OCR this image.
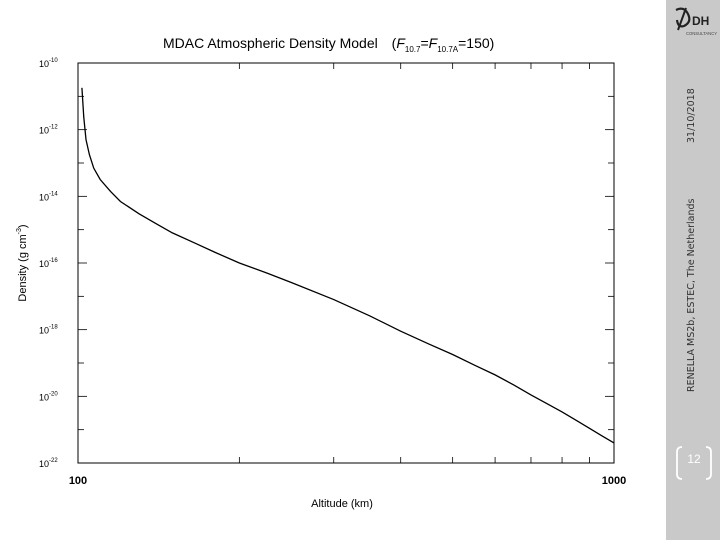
$10^{-10}$
$10^{-12}$
$10^{-14}$
$10^{-16}$
$10^{-18}$
$10^{-20}$
$10^{-22}$
100	1000
MDAC Atmospheric Density Model $(F_{10.7}=F_{10.7A}=150)$
Altitude (km)
Density (g $cm^{-3}$)
DH
CONSULTANCY
31/10/2018
RENELLA MS2b, ESTEC, The Netherlands
12
